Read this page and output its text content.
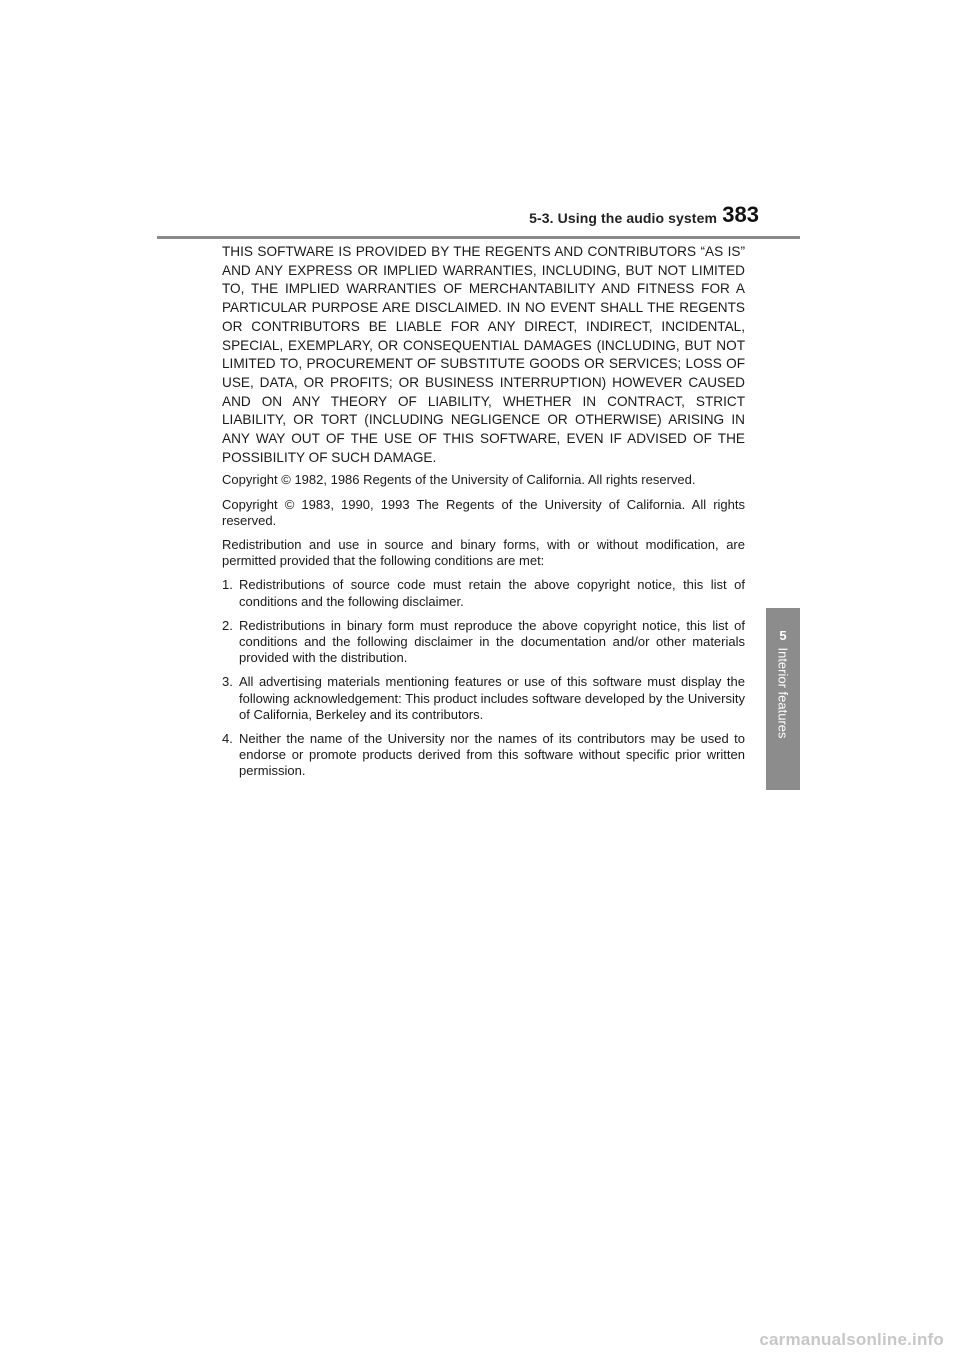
5-3. Using the audio system 383
5
Interior features

THIS SOFTWARE IS PROVIDED BY THE REGENTS AND CONTRIBUTORS “AS IS” AND ANY EXPRESS OR IMPLIED WARRANTIES, INCLUDING, BUT NOT LIMITED TO, THE IMPLIED WARRANTIES OF MERCHANTABILITY AND FITNESS FOR A PARTICULAR PURPOSE ARE DISCLAIMED. IN NO EVENT SHALL THE REGENTS OR CONTRIBUTORS BE LIABLE FOR ANY DIRECT, INDIRECT, INCIDENTAL, SPECIAL, EXEMPLARY, OR CONSEQUENTIAL DAMAGES (INCLUDING, BUT NOT LIMITED TO, PROCUREMENT OF SUBSTITUTE GOODS OR SERVICES; LOSS OF USE, DATA, OR PROFITS; OR BUSINESS INTERRUPTION) HOWEVER CAUSED AND ON ANY THEORY OF LIABILITY, WHETHER IN CONTRACT, STRICT LIABILITY, OR TORT (INCLUDING NEGLIGENCE OR OTHERWISE) ARISING IN ANY WAY OUT OF THE USE OF THIS SOFTWARE, EVEN IF ADVISED OF THE POSSIBILITY OF SUCH DAMAGE.

Copyright © 1982, 1986 Regents of the University of California. All rights reserved.

Copyright © 1983, 1990, 1993 The Regents of the University of California. All rights reserved.

Redistribution and use in source and binary forms, with or without modification, are permitted provided that the following conditions are met:

1. Redistributions of source code must retain the above copyright notice, this list of conditions and the following disclaimer.
2. Redistributions in binary form must reproduce the above copyright notice, this list of conditions and the following disclaimer in the documentation and/or other materials provided with the distribution.
3. All advertising materials mentioning features or use of this software must display the following acknowledgement: This product includes software developed by the University of California, Berkeley and its contributors.
4. Neither the name of the University nor the names of its contributors may be used to endorse or promote products derived from this software without specific prior written permission.
carmanualsonline.info
